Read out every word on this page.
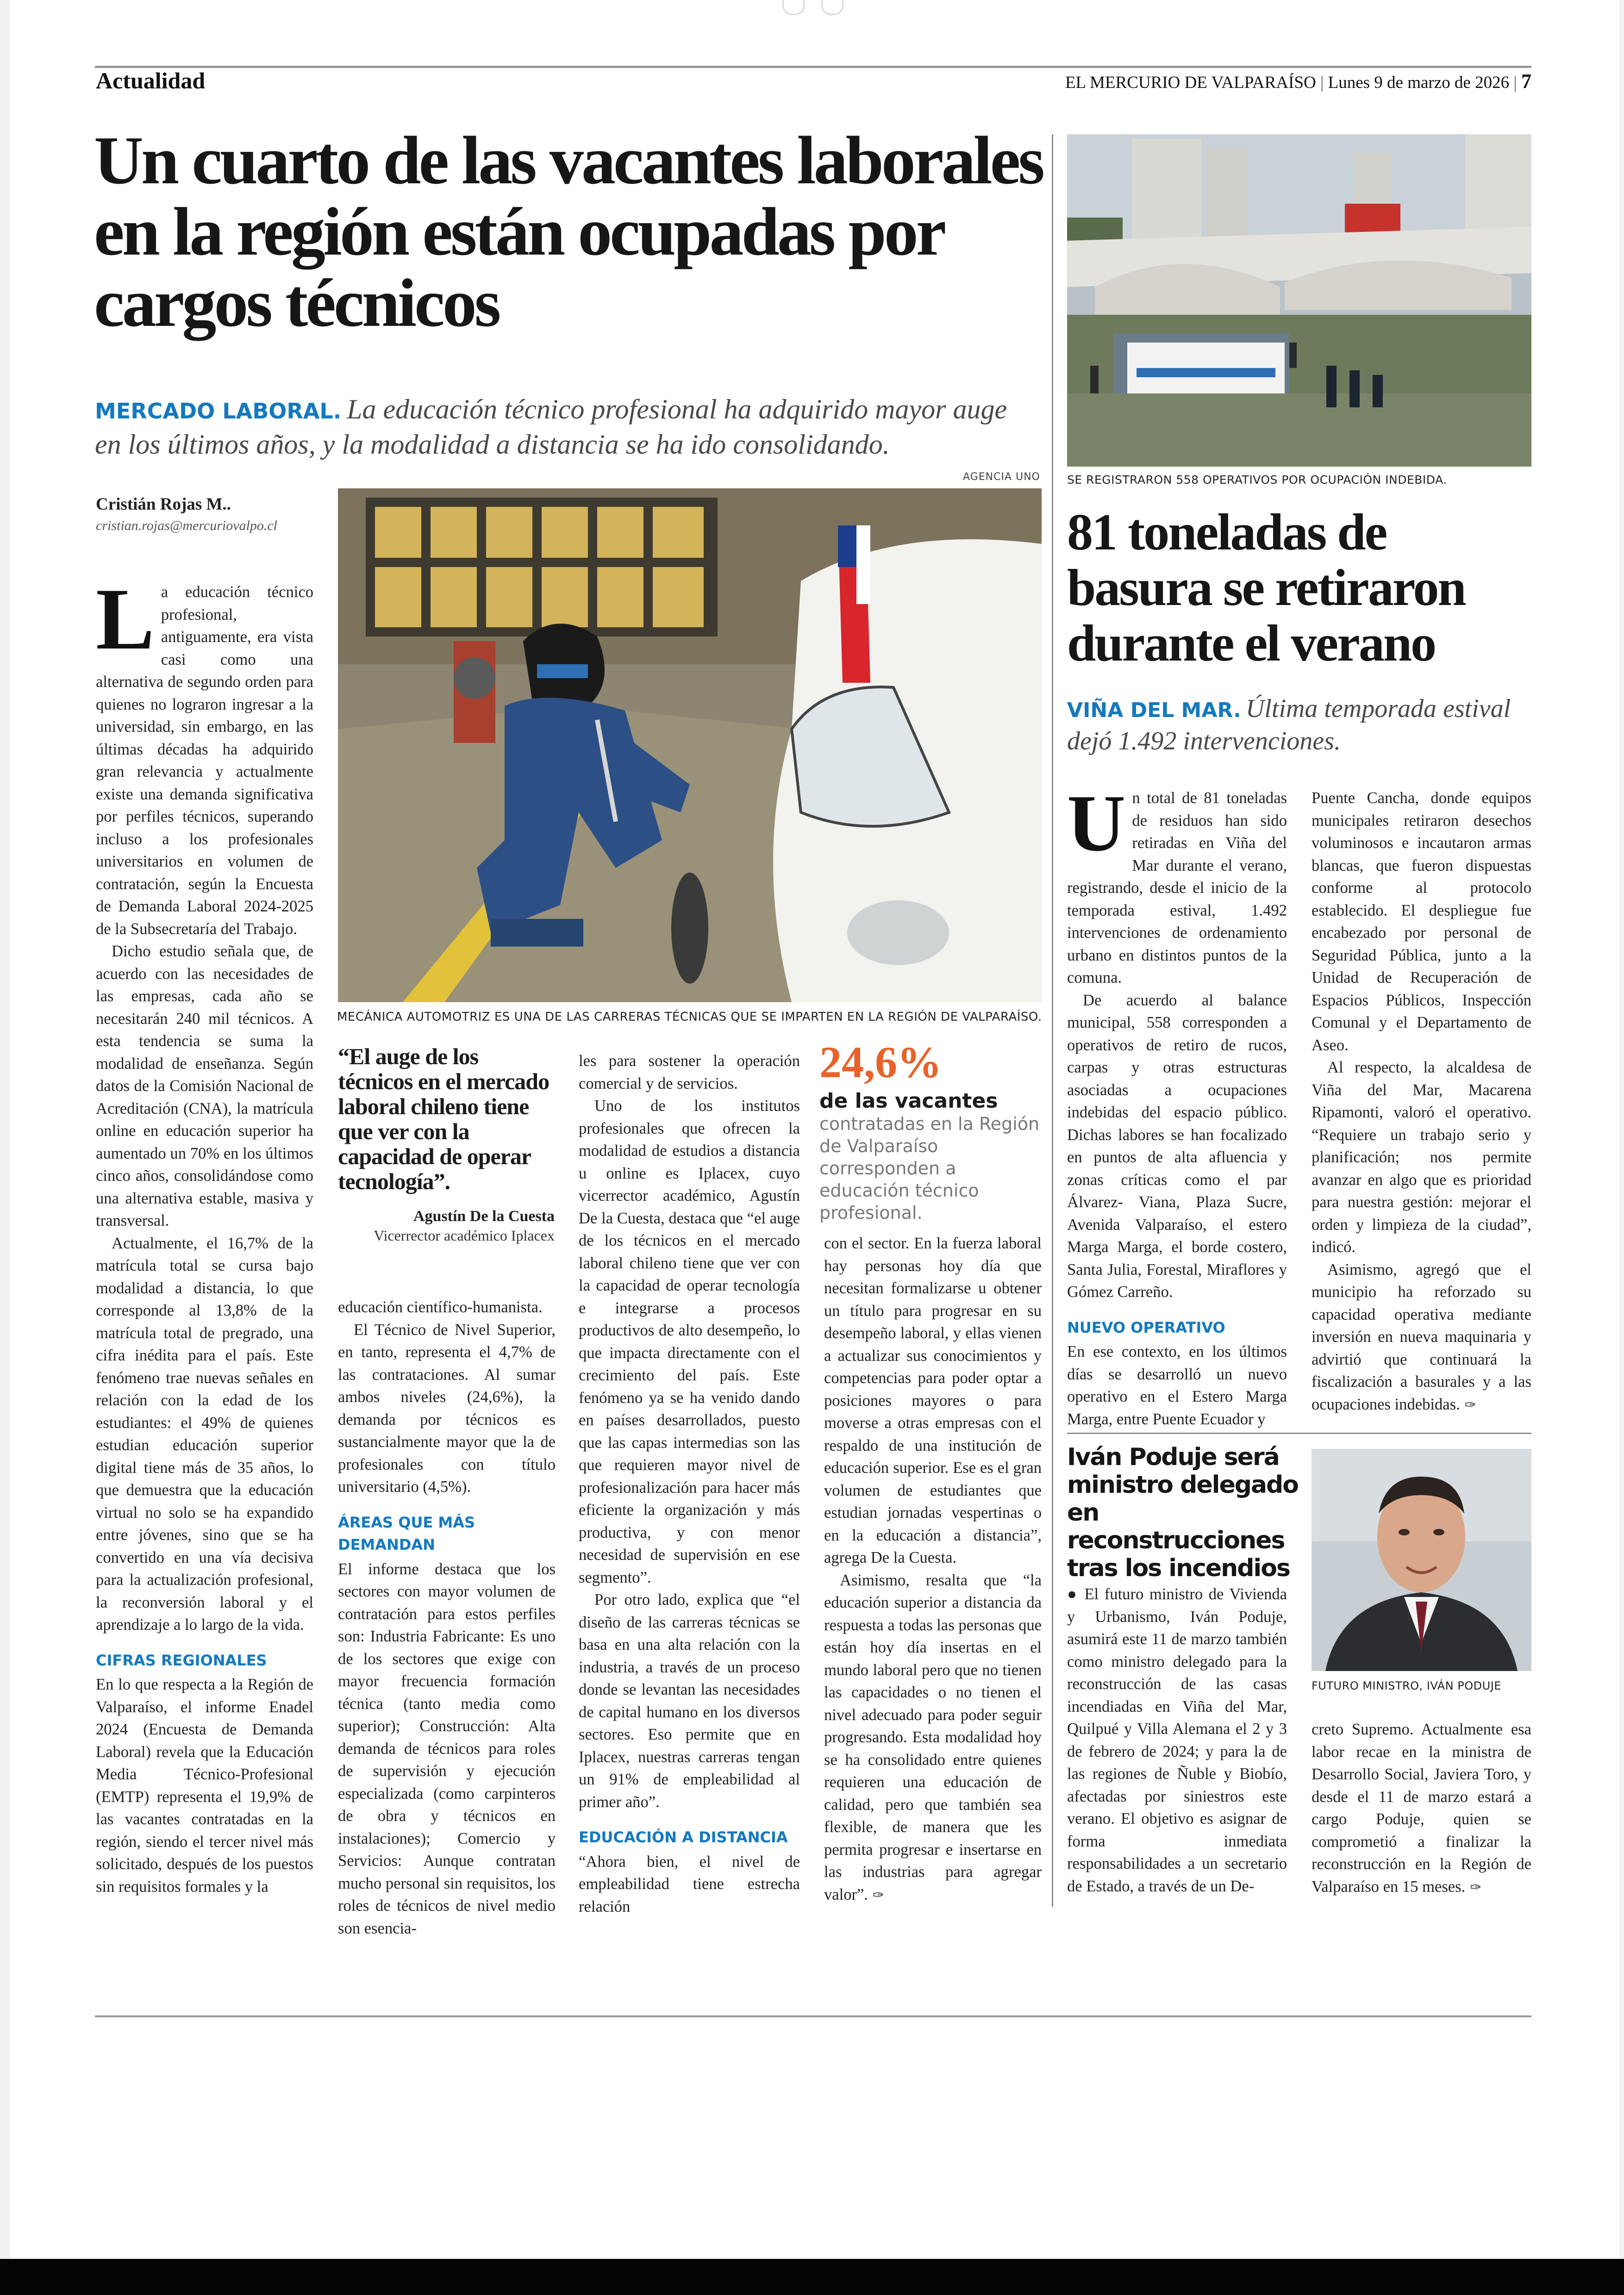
Actualidad	EL MERCURIO DE VALPARAÍSO | Lunes 9 de marzo de 2026 | 7
Un cuarto de las vacantes laborales en la región están ocupadas por cargos técnicos
MERCADO LABORAL. La educación técnico profesional ha adquirido mayor auge en los últimos años, y la modalidad a distancia se ha ido consolidando.
Cristián Rojas M..
cristian.rojas@mercuriovalpo.cl

La educación técnico profesional, antiguamente, era vista casi como una alternativa de segundo orden para quienes no lograron ingresar a la universidad, sin embargo, en las últimas décadas ha adquirido gran relevancia y actualmente existe una demanda significativa por perfiles técnicos, superando incluso a los profesionales universitarios en volumen de contratación, según la Encuesta de Demanda Laboral 2024-2025 de la Subsecretaría del Trabajo.

Dicho estudio señala que, de acuerdo con las necesidades de las empresas, cada año se necesitarán 240 mil técnicos. A esta tendencia se suma la modalidad de enseñanza. Según datos de la Comisión Nacional de Acreditación (CNA), la matrícula online en educación superior ha aumentado un 70% en los últimos cinco años, consolidándose como una alternativa estable, masiva y transversal.

Actualmente, el 16,7% de la matrícula total se cursa bajo modalidad a distancia, lo que corresponde al 13,8% de la matrícula total de pregrado, una cifra inédita para el país. Este fenómeno trae nuevas señales en relación con la edad de los estudiantes: el 49% de quienes estudian educación superior digital tiene más de 35 años, lo que demuestra que la educación virtual no solo se ha expandido entre jóvenes, sino que se ha convertido en una vía decisiva para la actualización profesional, la reconversión laboral y el aprendizaje a lo largo de la vida.

CIFRAS REGIONALES

En lo que respecta a la Región de Valparaíso, el informe Enadel 2024 (Encuesta de Demanda Laboral) revela que la Educación Media Técnico-Profesional (EMTP) representa el 19,9% de las vacantes contratadas en la región, siendo el tercer nivel más solicitado, después de los puestos sin requisitos formales y la

AGENCIA UNO
MECÁNICA AUTOMOTRIZ ES UNA DE LAS CARRERAS TÉCNICAS QUE SE IMPARTEN EN LA REGIÓN DE VALPARAÍSO.
“El auge de los técnicos en el mercado laboral chileno tiene que ver con la capacidad de operar tecnología”.
Agustín De la Cuesta
Vicerrector académico Iplacex

educación científico-humanista.

El Técnico de Nivel Superior, en tanto, representa el 4,7% de las contrataciones. Al sumar ambos niveles (24,6%), la demanda por técnicos es sustancialmente mayor que la de profesionales con título universitario (4,5%).

ÁREAS QUE MÁS DEMANDAN

El informe destaca que los sectores con mayor volumen de contratación para estos perfiles son: Industria Fabricante: Es uno de los sectores que exige con mayor frecuencia formación técnica (tanto media como superior); Construcción: Alta demanda de técnicos para roles de supervisión y ejecución especializada (como carpinteros de obra y técnicos en instalaciones); Comercio y Servicios: Aunque contratan mucho personal sin requisitos, los roles de técnicos de nivel medio son esencia-

les para sostener la operación comercial y de servicios.

Uno de los institutos profesionales que ofrecen la modalidad de estudios a distancia u online es Iplacex, cuyo vicerrector académico, Agustín De la Cuesta, destaca que “el auge de los técnicos en el mercado laboral chileno tiene que ver con la capacidad de operar tecnología e integrarse a procesos productivos de alto desempeño, lo que impacta directamente con el crecimiento del país. Este fenómeno ya se ha venido dando en países desarrollados, puesto que las capas intermedias son las que requieren mayor nivel de profesionalización para hacer más eficiente la organización y más productiva, y con menor necesidad de supervisión en ese segmento”.

Por otro lado, explica que “el diseño de las carreras técnicas se basa en una alta relación con la industria, a través de un proceso donde se levantan las necesidades de capital humano en los diversos sectores. Eso permite que en Iplacex, nuestras carreras tengan un 91% de empleabilidad al primer año”.

EDUCACIÓN A DISTANCIA

“Ahora bien, el nivel de empleabilidad tiene estrecha relación

24,6%
de las vacantes contratadas en la Región de Valparaíso corresponden a educación técnico profesional.

con el sector. En la fuerza laboral hay personas hoy día que necesitan formalizarse u obtener un título para progresar en su desempeño laboral, y ellas vienen a actualizar sus conocimientos y competencias para poder optar a posiciones mayores o para moverse a otras empresas con el respaldo de una institución de educación superior. Ese es el gran volumen de estudiantes que estudian jornadas vespertinas o en la educación a distancia”, agrega De la Cuesta.

Asimismo, resalta que “la educación superior a distancia da respuesta a todas las personas que están hoy día insertas en el mundo laboral pero que no tienen las capacidades o no tienen el nivel adecuado para poder seguir progresando. Esta modalidad hoy se ha consolidado entre quienes requieren una educación de calidad, pero que también sea flexible, de manera que les permita progresar e insertarse en las industrias para agregar valor”. ✑

SE REGISTRARON 558 OPERATIVOS POR OCUPACIÓN INDEBIDA.
81 toneladas de basura se retiraron durante el verano
VIÑA DEL MAR. Última temporada estival dejó 1.492 intervenciones.

Un total de 81 toneladas de residuos han sido retiradas en Viña del Mar durante el verano, registrando, desde el inicio de la temporada estival, 1.492 intervenciones de ordenamiento urbano en distintos puntos de la comuna.

De acuerdo al balance municipal, 558 corresponden a operativos de retiro de rucos, carpas y otras estructuras asociadas a ocupaciones indebidas del espacio público. Dichas labores se han focalizado en puntos de alta afluencia y zonas críticas como el par Álvarez- Viana, Plaza Sucre, Avenida Valparaíso, el estero Marga Marga, el borde costero, Santa Julia, Forestal, Miraflores y Gómez Carreño.

NUEVO OPERATIVO

En ese contexto, en los últimos días se desarrolló un nuevo operativo en el Estero Marga Marga, entre Puente Ecuador y

Puente Cancha, donde equipos municipales retiraron desechos voluminosos e incautaron armas blancas, que fueron dispuestas conforme al protocolo establecido. El despliegue fue encabezado por personal de Seguridad Pública, junto a la Unidad de Recuperación de Espacios Públicos, Inspección Comunal y el Departamento de Aseo.

Al respecto, la alcaldesa de Viña del Mar, Macarena Ripamonti, valoró el operativo. “Requiere un trabajo serio y planificación; nos permite avanzar en algo que es prioridad para nuestra gestión: mejorar el orden y limpieza de la ciudad”, indicó.

Asimismo, agregó que el municipio ha reforzado su capacidad operativa mediante inversión en nueva maquinaria y advirtió que continuará la fiscalización a basurales y a las ocupaciones indebidas. ✑

Iván Poduje será ministro delegado en reconstrucciones tras los incendios
FUTURO MINISTRO, IVÁN PODUJE

● El futuro ministro de Vivienda y Urbanismo, Iván Poduje, asumirá este 11 de marzo también como ministro delegado para la reconstrucción de las casas incendiadas en Viña del Mar, Quilpué y Villa Alemana el 2 y 3 de febrero de 2024; y para la de las regiones de Ñuble y Biobío, afectadas por siniestros este verano. El objetivo es asignar de forma inmediata responsabilidades a un secretario de Estado, a través de un De-

creto Supremo. Actualmente esa labor recae en la ministra de Desarrollo Social, Javiera Toro, y desde el 11 de marzo estará a cargo Poduje, quien se comprometió a finalizar la reconstrucción en la Región de Valparaíso en 15 meses. ✑
